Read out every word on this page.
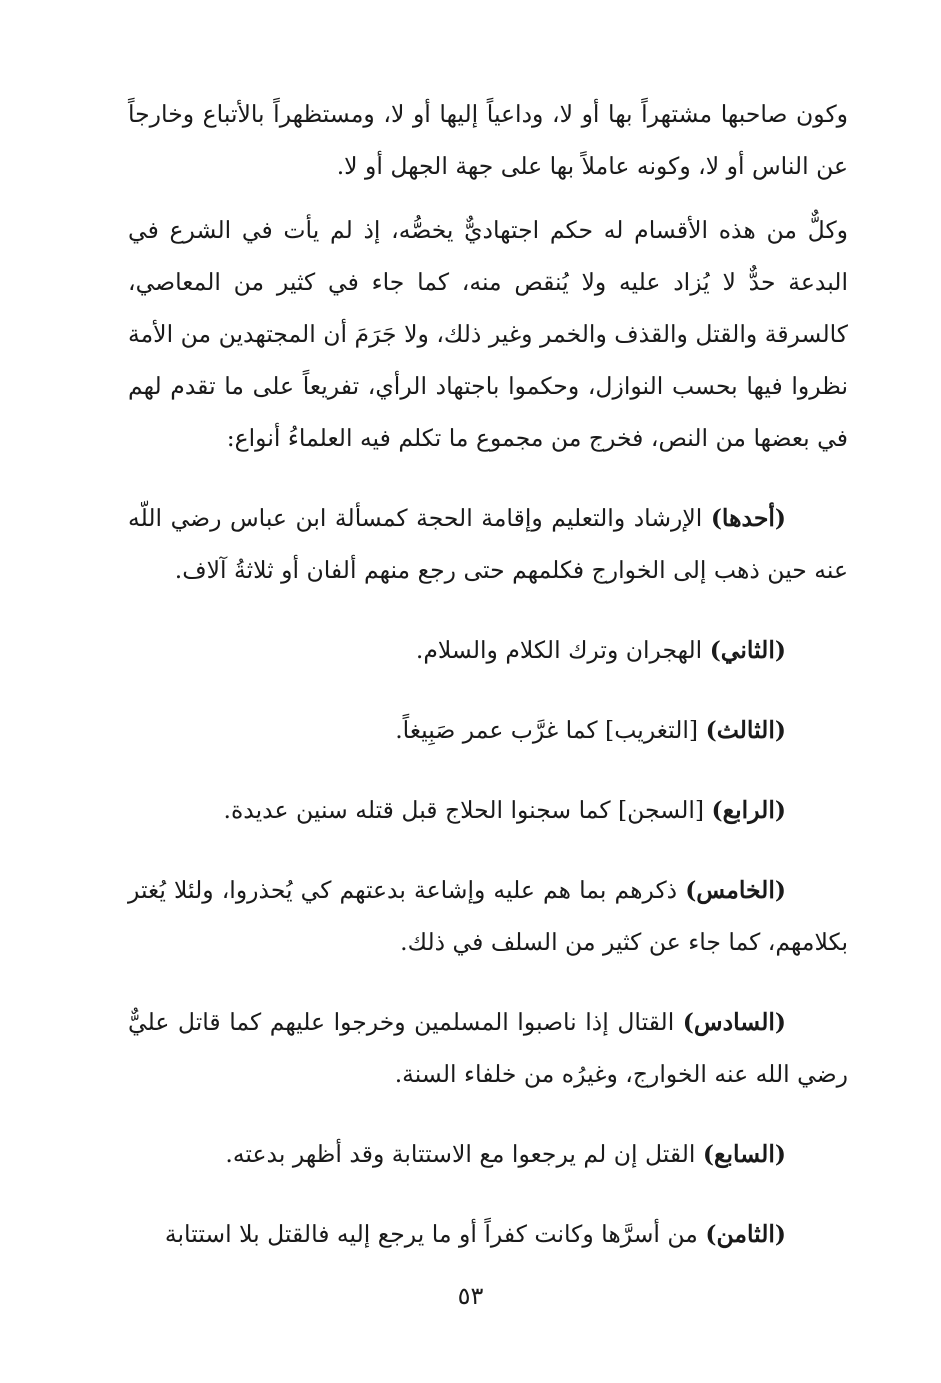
وكون صاحبها مشتهراً بها أو لا، وداعياً إليها أو لا، ومستظهراً بالأتباع وخارجاً عن الناس أو لا، وكونه عاملاً بها على جهة الجهل أو لا.

وكلٌّ من هذه الأقسام له حكم اجتهاديٌّ يخصُّه، إذ لم يأت في الشرع في البدعة حدٌّ لا يُزاد عليه ولا يُنقص منه، كما جاء في كثير من المعاصي، كالسرقة والقتل والقذف والخمر وغير ذلك، ولا جَرَمَ أن المجتهدين من الأمة نظروا فيها بحسب النوازل، وحكموا باجتهاد الرأي، تفريعاً على ما تقدم لهم في بعضها من النص، فخرج من مجموع ما تكلم فيه العلماءُ أنواع:

(أحدها) الإرشاد والتعليم وإقامة الحجة كمسألة ابن عباس رضي اللّه عنه حين ذهب إلى الخوارج فكلمهم حتى رجع منهم ألفان أو ثلاثةُ آلاف.
(الثاني) الهجران وترك الكلام والسلام.
(الثالث) [التغريب] كما غرَّب عمر صَبِيغاً.
(الرابع) [السجن] كما سجنوا الحلاج قبل قتله سنين عديدة.
(الخامس) ذكرهم بما هم عليه وإشاعة بدعتهم كي يُحذروا، ولئلا يُغتر بكلامهم، كما جاء عن كثير من السلف في ذلك.
(السادس) القتال إذا ناصبوا المسلمين وخرجوا عليهم كما قاتل عليٌّ رضي الله عنه الخوارج، وغيرُه من خلفاء السنة.
(السابع) القتل إن لم يرجعوا مع الاستتابة وقد أظهر بدعته.
(الثامن) من أسرَّها وكانت كفراً أو ما يرجع إليه فالقتل بلا استتابة
٥٣
